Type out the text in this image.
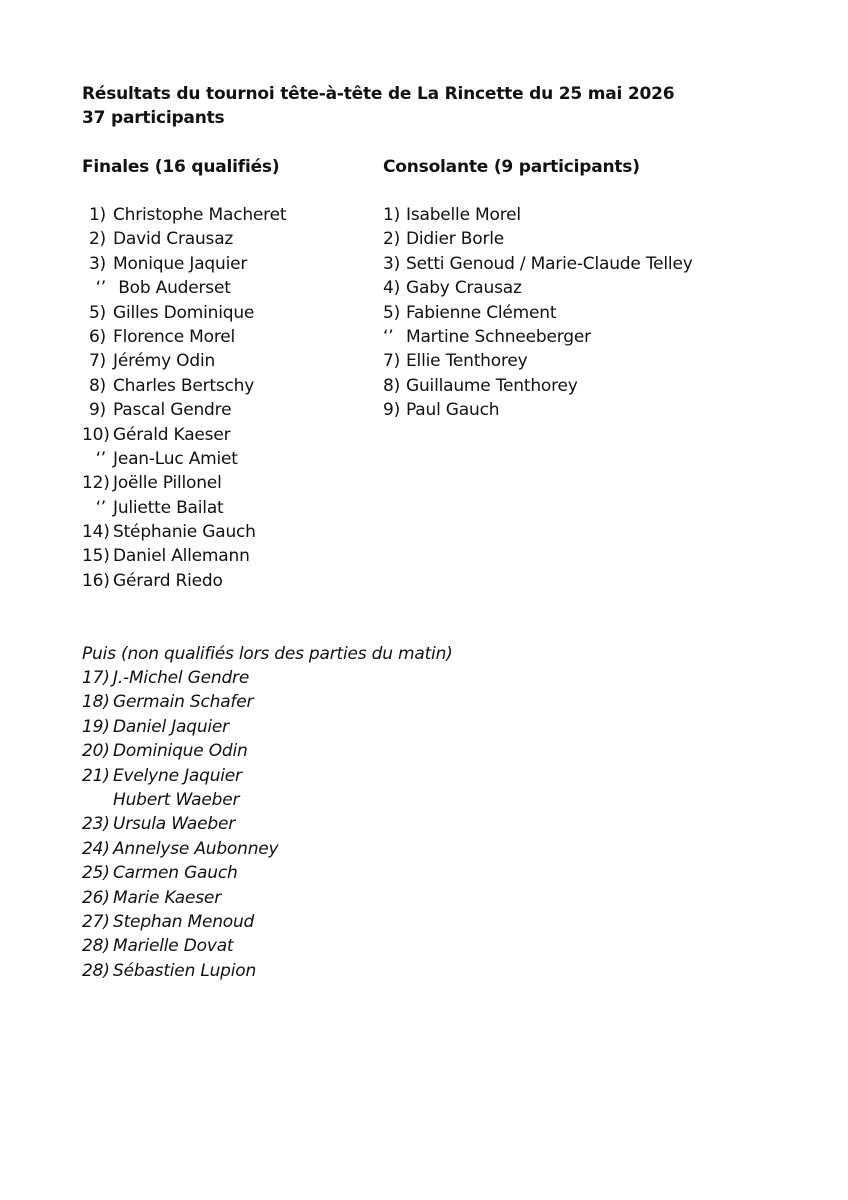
Résultats du tournoi tête-à-tête de La Rincette du 25 mai 2026
37 participants
Finales (16 qualifiés)	Consolante (9 participants)
1) Christophe Macheret
2) David Crausaz
3) Monique Jaquier
‘’ Bob Auderset
5) Gilles Dominique
6) Florence Morel
7) Jérémy Odin
8) Charles Bertschy
9) Pascal Gendre
10) Gérald Kaeser
‘’ Jean-Luc Amiet
12) Joëlle Pillonel
‘’ Juliette Bailat
14) Stéphanie Gauch
15) Daniel Allemann
16) Gérard Riedo
1) Isabelle Morel
2) Didier Borle
3) Setti Genoud / Marie-Claude Telley
4) Gaby Crausaz
5) Fabienne Clément
‘’ Martine Schneeberger
7) Ellie Tenthorey
8) Guillaume Tenthorey
9) Paul Gauch
Puis (non qualifiés lors des parties du matin)
17) J.-Michel Gendre
18) Germain Schafer
19) Daniel Jaquier
20) Dominique Odin
21) Evelyne Jaquier
Hubert Waeber
23) Ursula Waeber
24) Annelyse Aubonney
25) Carmen Gauch
26) Marie Kaeser
27) Stephan Menoud
28) Marielle Dovat
28) Sébastien Lupion
